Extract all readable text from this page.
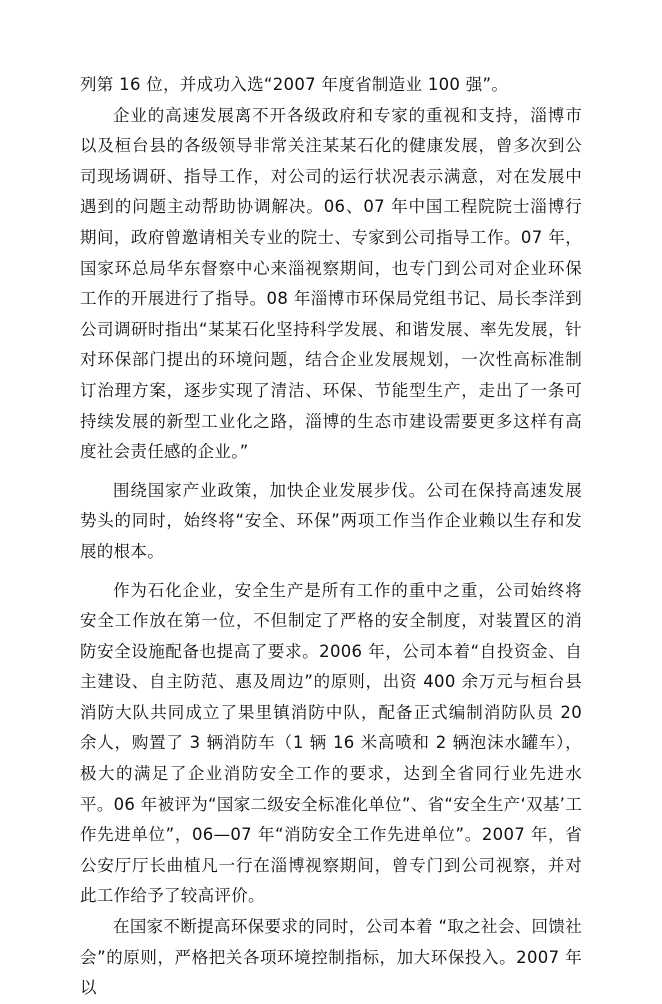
列第 16 位，并成功入选“2007 年度省制造业 100 强”。

企业的高速发展离不开各级政府和专家的重视和支持，淄博市以及桓台县的各级领导非常关注某某石化的健康发展，曾多次到公司现场调研、指导工作，对公司的运行状况表示满意，对在发展中遇到的问题主动帮助协调解决。06、07 年中国工程院院士淄博行期间，政府曾邀请相关专业的院士、专家到公司指导工作。07 年，国家环总局华东督察中心来淄视察期间，也专门到公司对企业环保工作的开展进行了指导。08 年淄博市环保局党组书记、局长李洋到公司调研时指出“某某石化坚持科学发展、和谐发展、率先发展，针对环保部门提出的环境问题，结合企业发展规划，一次性高标准制订治理方案，逐步实现了清洁、环保、节能型生产，走出了一条可持续发展的新型工业化之路，淄博的生态市建设需要更多这样有高度社会责任感的企业。”

围绕国家产业政策，加快企业发展步伐。公司在保持高速发展势头的同时，始终将“安全、环保”两项工作当作企业赖以生存和发展的根本。

作为石化企业，安全生产是所有工作的重中之重，公司始终将安全工作放在第一位，不但制定了严格的安全制度，对装置区的消防安全设施配备也提高了要求。2006 年，公司本着“自投资金、自主建设、自主防范、惠及周边”的原则，出资 400 余万元与桓台县消防大队共同成立了果里镇消防中队，配备正式编制消防队员 20 余人，购置了 3 辆消防车（1 辆 16 米高喷和 2 辆泡沫水罐车），极大的满足了企业消防安全工作的要求，达到全省同行业先进水平。06 年被评为“国家二级安全标准化单位”、省“安全生产‘双基’工作先进单位”，06—07 年“消防安全工作先进单位”。2007 年，省公安厅厅长曲植凡一行在淄博视察期间，曾专门到公司视察，并对此工作给予了较高评价。

在国家不断提高环保要求的同时，公司本着 “取之社会、回馈社会”的原则，严格把关各项环境控制指标，加大环保投入。2007 年以
